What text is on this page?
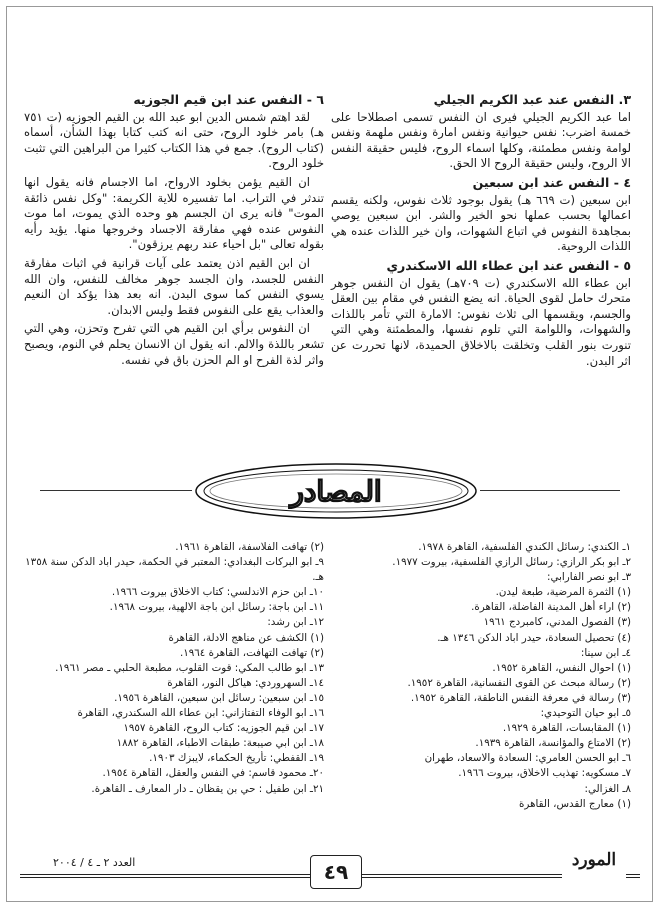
٣. النفس عند عبد الكريم الجيلي

اما عبد الكريم الجيلي فيرى ان النفس تسمى اصطلاحا على خمسة اضرب: نفس حيوانية ونفس امارة ونفس ملهمة ونفس لوامة ونفس مطمئنة، وكلها اسماء الروح، فليس حقيقة النفس الا الروح، وليس حقيقة الروح الا الحق.

٤ - النفس عند ابن سبعين

ابن سبعين (ت ٦٦٩ هـ) يقول بوجود ثلاث نفوس، ولكنه يقسم اعمالها بحسب عملها نحو الخير والشر. ابن سبعين يوصي بمجاهدة النفوس في اتباع الشهوات، وان خير اللذات عنده هي اللذات الروحية.

٥ - النفس عند ابن عطاء الله الاسكندري

ابن عطاء الله الاسكندري (ت ٧٠٩هـ) يقول ان النفس جوهر متحرك حامل لقوى الحياة. انه يضع النفس في مقام بين العقل والجسم، ويقسمها الى ثلاث نفوس: الامارة التي تأمر باللذات والشهوات، واللوامة التي تلوم نفسها، والمطمئنة وهي التي تنورت بنور القلب وتخلقت بالاخلاق الحميدة، لانها تحررت عن اثر البدن.

٦ - النفس عند ابن قيم الجوزيه

لقد اهتم شمس الدين ابو عبد الله بن القيم الجوزيه (ت ٧٥١ هـ) بامر خلود الروح، حتى انه كتب كتابا بهذا الشأن، أسماه (كتاب الروح). جمع في هذا الكتاب كثيرا من البراهين التي تثبت خلود الروح.

ان القيم يؤمن بخلود الارواح، اما الاجسام فانه يقول انها تندثر في التراب. اما تفسيره للاية الكريمة: "وكل نفس ذائقة الموت" فانه يرى ان الجسم هو وحده الذي يموت، اما موت النفوس عنده فهي مفارقة الاجساد وخروجها منها. يؤيد رأيه بقوله تعالى "بل احياء عند ربهم يرزقون".

ان ابن القيم اذن يعتمد على آيات قرانية في اثبات مفارقة النفس للجسد، وان الجسد جوهر مخالف للنفس، وان الله يسوي النفس كما سوى البدن. انه بعد هذا يؤكد ان النعيم والعذاب يقع على النفوس فقط وليس الابدان.

ان النفوس برأي ابن القيم هي التي تفرح وتحزن، وهي التي تشعر باللذة والالم. انه يقول ان الانسان يحلم في النوم، ويصبح واثر لذة الفرح او الم الحزن باق في نفسه.

المصادر
١ـ الكندي: رسائل الكندي الفلسفية، القاهرة ١٩٧٨.
٢ـ ابو بكر الرازي: رسائل الرازي الفلسفية، بيروت ١٩٧٧.
٣ـ ابو نصر الفارابي:
(١) الثمرة المرضية، طبعة ليدن.
(٢) اراء أهل المدينة الفاضلة، القاهرة.
(٣) الفصول المدني، كامبردج ١٩٦١
(٤) تحصيل السعادة، حيدر اباد الدكن ١٣٤٦ هـ.
٤ـ ابن سينا:
(١) احوال النفس، القاهرة ١٩٥٢.
(٢) رسالة مبحث عن القوى النفسانية، القاهرة ١٩٥٢.
(٣) رسالة في معرفة النفس الناطقة، القاهرة ١٩٥٢.
٥ـ ابو حيان التوحيدي:
(١) المقابسات، القاهرة ١٩٢٩.
(٢) الامتاع والمؤانسة، القاهرة ١٩٣٩.
٦ـ ابو الحسن العامري: السعادة والاسعاد، طهران
٧ـ مسكويه: تهذيب الاخلاق، بيروت ١٩٦٦.
٨ـ الغزالي:
(١) معارج القدس، القاهرة
(٢) تهافت الفلاسفة، القاهرة ١٩٦١.
٩ـ ابو البركات البغدادي: المعتبر في الحكمة، حيدر اباد الدكن سنة ١٣٥٨ هـ.
١٠ـ ابن حزم الاندلسي: كتاب الاخلاق بيروت ١٩٦٦.
١١ـ ابن باجة: رسائل ابن باجة الالهية، بيروت ١٩٦٨.
١٢ـ ابن رشد:
(١) الكشف عن مناهج الادلة، القاهرة
(٢) تهافت التهافت، القاهرة ١٩٦٤.
١٣ـ ابو طالب المكي: قوت القلوب، مطبعة الحلبي ـ مصر ١٩٦١.
١٤ـ السهروردي: هياكل النور، القاهرة
١٥ـ ابن سبعين: رسائل ابن سبعين، القاهرة ١٩٥٦.
١٦ـ ابو الوفاء التفتازاني: ابن عطاء الله السكندري، القاهرة
١٧ـ ابن قيم الجوزيه: كتاب الروح، القاهرة ١٩٥٧
١٨ـ ابن ابي صيبعة: طبقات الاطباء، القاهرة ١٨٨٢
١٩ـ القفطي: تأريخ الحكماء، لايبزك ١٩٠٣.
٢٠ـ محمود قاسم: في النفس والعقل، القاهرة ١٩٥٤.
٢١ـ ابن طفيل : حي بن يقظان ـ دار المعارف ـ القاهرة.
العدد ٢ ـ ٤ / ٢٠٠٤	٤٩	المورد
